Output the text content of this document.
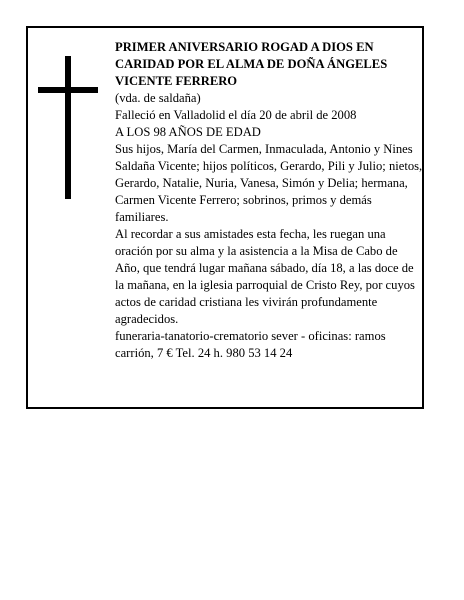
PRIMER ANIVERSARIO ROGAD A DIOS EN CARIDAD POR EL ALMA DE DOÑA ÁNGELES VICENTE FERRERO

(vda. de saldaña)

Falleció en Valladolid el día 20 de abril de 2008

A LOS 98 AÑOS DE EDAD

Sus hijos, María del Carmen, Inmaculada, Antonio y Nines Saldaña Vicente; hijos políticos, Gerardo, Pili y Julio; nietos, Gerardo, Natalie, Nuria, Vanesa, Simón y Delia; hermana, Carmen Vicente Ferrero; sobrinos, primos y demás familiares.

Al recordar a sus amistades esta fecha, les ruegan una oración por su alma y la asistencia a la Misa de Cabo de Año, que tendrá lugar mañana sábado, día 18, a las doce de la mañana, en la iglesia parroquial de Cristo Rey, por cuyos actos de caridad cristiana les vivirán profundamente agradecidos.

funeraria-tanatorio-crematorio sever - oficinas: ramos carrión, 7 € Tel. 24 h. 980 53 14 24
